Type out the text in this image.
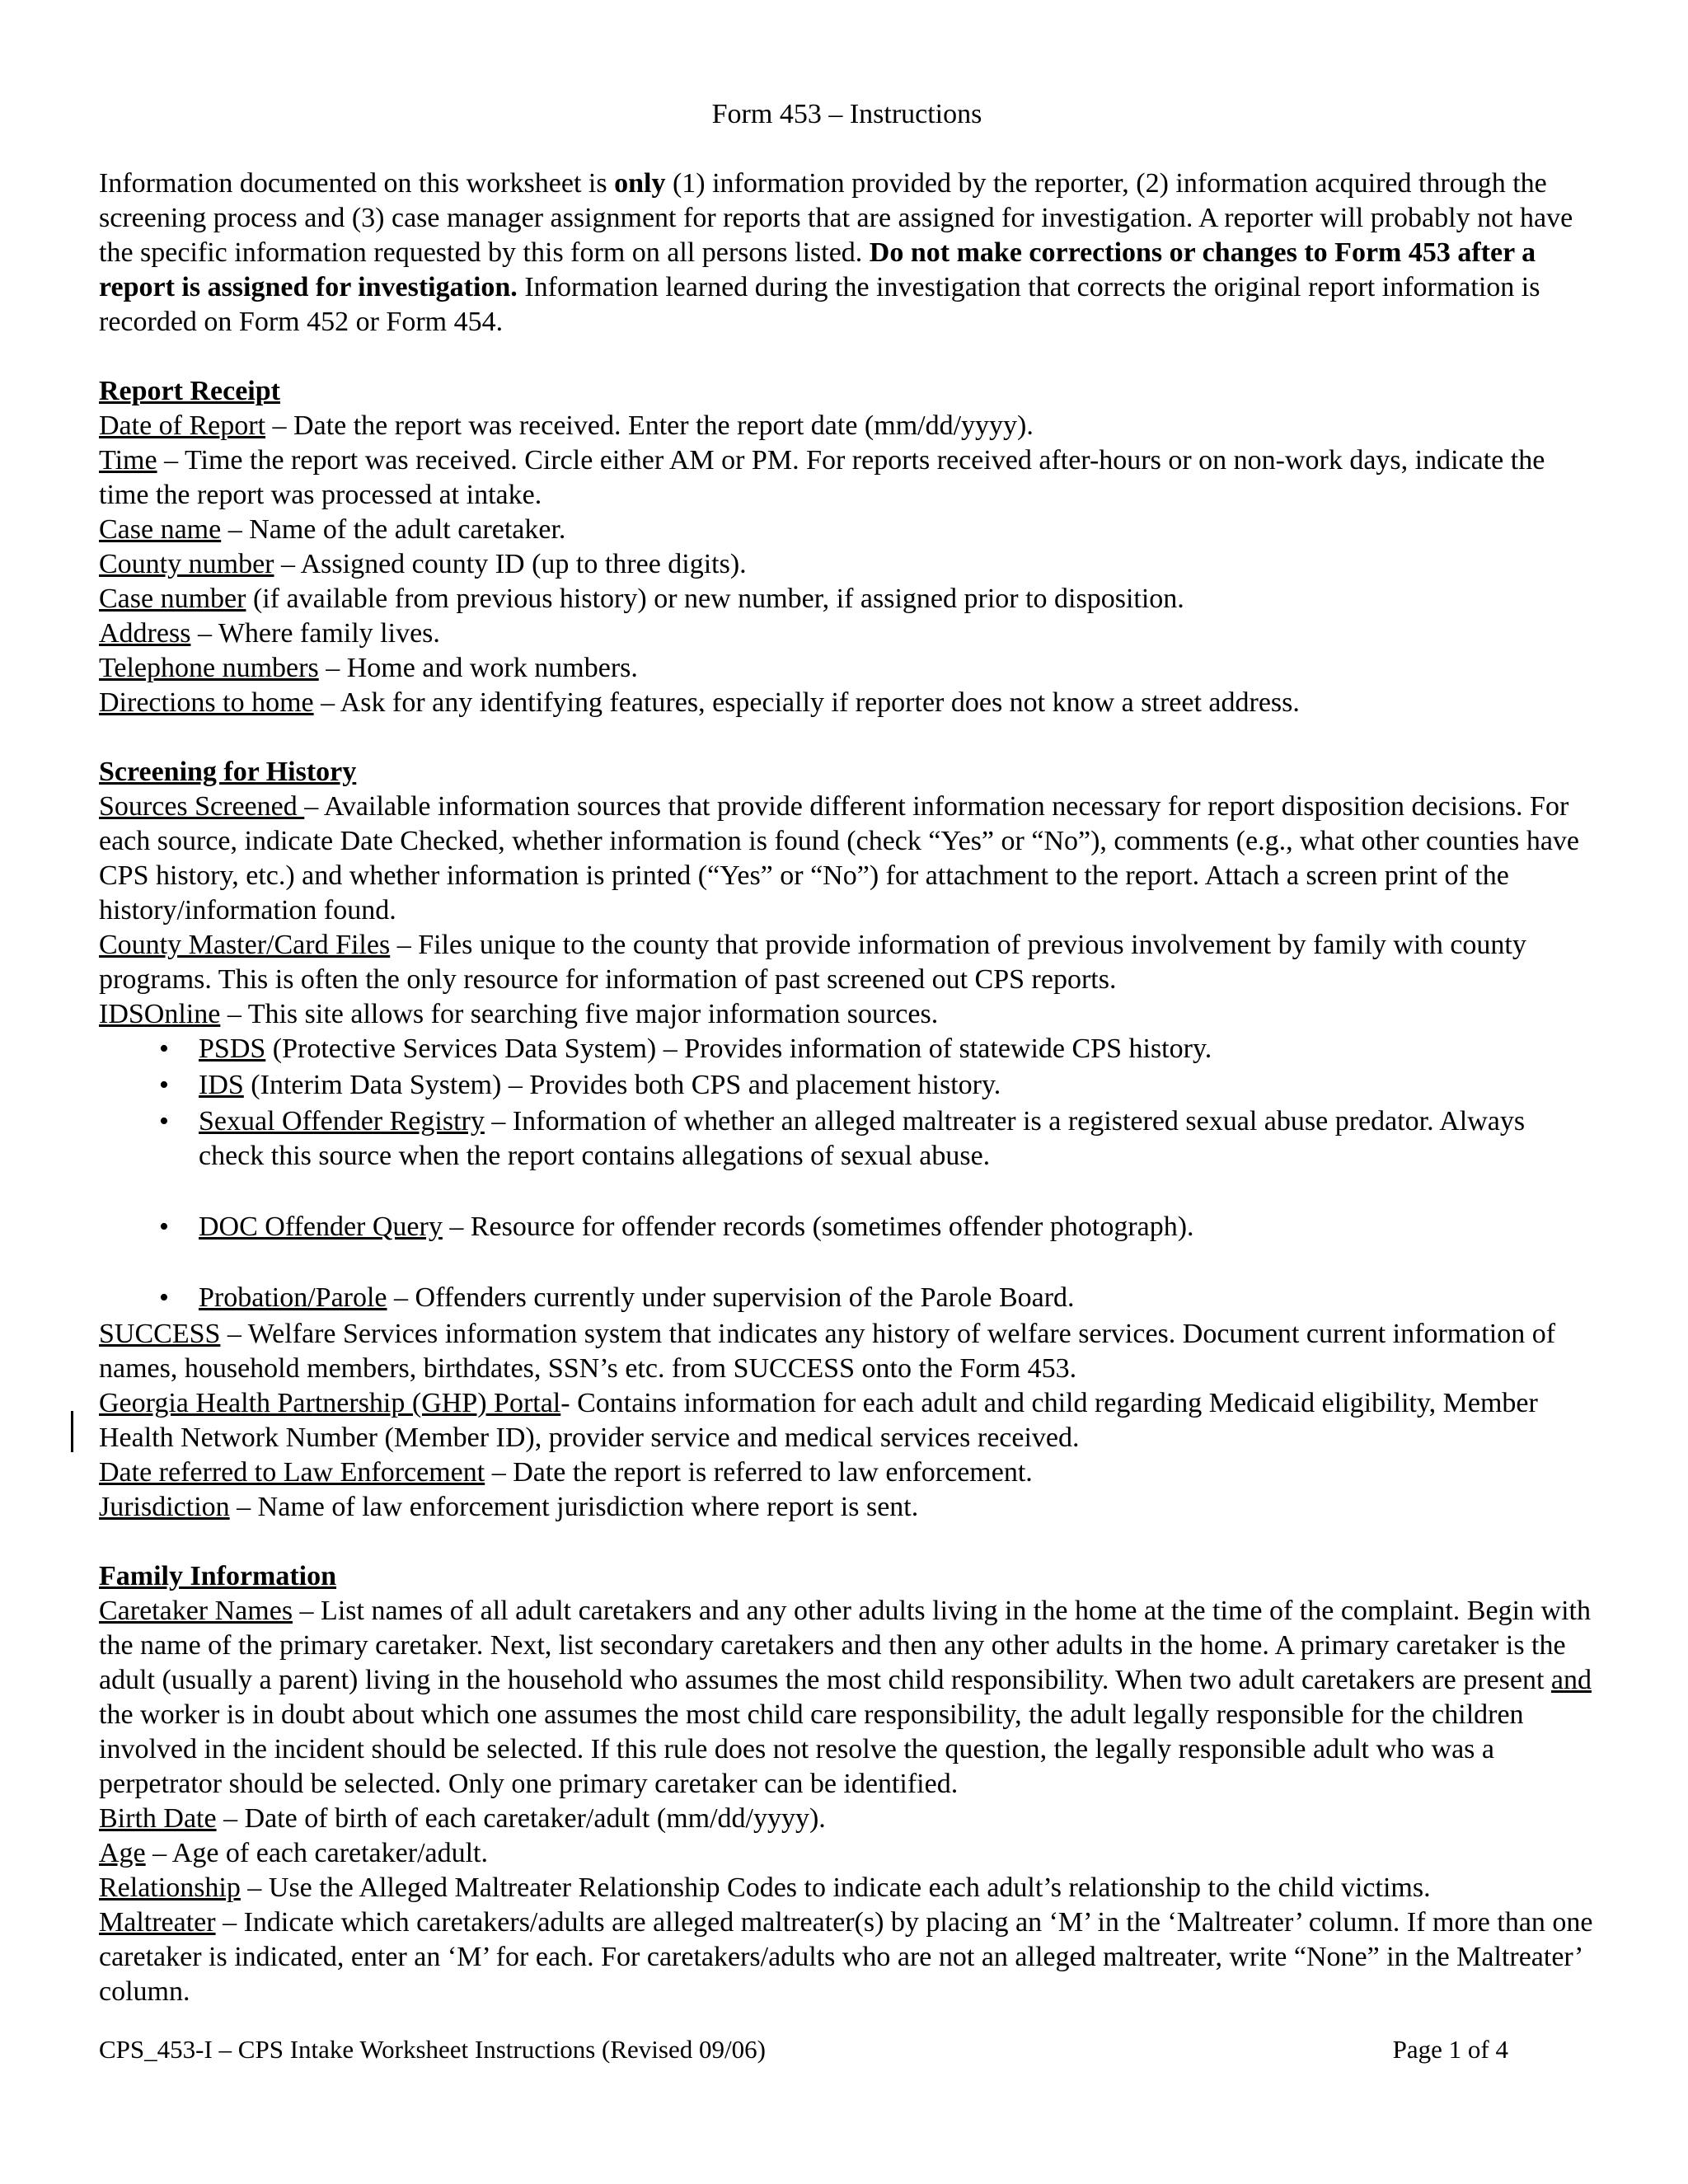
Form 453 – Instructions

Information documented on this worksheet is only (1) information provided by the reporter, (2) information acquired through the screening process and (3) case manager assignment for reports that are assigned for investigation. A reporter will probably not have the specific information requested by this form on all persons listed. Do not make corrections or changes to Form 453 after a report is assigned for investigation. Information learned during the investigation that corrects the original report information is recorded on Form 452 or Form 454.

Report Receipt

Date of Report – Date the report was received. Enter the report date (mm/dd/yyyy).

Time – Time the report was received. Circle either AM or PM. For reports received after-hours or on non-work days, indicate the time the report was processed at intake.

Case name – Name of the adult caretaker.

County number – Assigned county ID (up to three digits).

Case number (if available from previous history) or new number, if assigned prior to disposition.

Address – Where family lives.

Telephone numbers – Home and work numbers.

Directions to home – Ask for any identifying features, especially if reporter does not know a street address.

Screening for History

Sources Screened – Available information sources that provide different information necessary for report disposition decisions. For each source, indicate Date Checked, whether information is found (check “Yes” or “No”), comments (e.g., what other counties have CPS history, etc.) and whether information is printed (“Yes” or “No”) for attachment to the report. Attach a screen print of the history/information found.

County Master/Card Files – Files unique to the county that provide information of previous involvement by family with county programs. This is often the only resource for information of past screened out CPS reports.

IDSOnline – This site allows for searching five major information sources.

• PSDS (Protective Services Data System) – Provides information of statewide CPS history.
• IDS (Interim Data System) – Provides both CPS and placement history.
• Sexual Offender Registry – Information of whether an alleged maltreater is a registered sexual abuse predator. Always check this source when the report contains allegations of sexual abuse.
• DOC Offender Query – Resource for offender records (sometimes offender photograph).
• Probation/Parole – Offenders currently under supervision of the Parole Board.

SUCCESS – Welfare Services information system that indicates any history of welfare services. Document current information of names, household members, birthdates, SSN’s etc. from SUCCESS onto the Form 453.

Georgia Health Partnership (GHP) Portal- Contains information for each adult and child regarding Medicaid eligibility, Member Health Network Number (Member ID), provider service and medical services received.

Date referred to Law Enforcement – Date the report is referred to law enforcement.

Jurisdiction – Name of law enforcement jurisdiction where report is sent.

Family Information

Caretaker Names – List names of all adult caretakers and any other adults living in the home at the time of the complaint. Begin with the name of the primary caretaker. Next, list secondary caretakers and then any other adults in the home. A primary caretaker is the adult (usually a parent) living in the household who assumes the most child responsibility. When two adult caretakers are present and the worker is in doubt about which one assumes the most child care responsibility, the adult legally responsible for the children involved in the incident should be selected. If this rule does not resolve the question, the legally responsible adult who was a perpetrator should be selected. Only one primary caretaker can be identified.

Birth Date – Date of birth of each caretaker/adult (mm/dd/yyyy).

Age – Age of each caretaker/adult.

Relationship – Use the Alleged Maltreater Relationship Codes to indicate each adult’s relationship to the child victims.

Maltreater – Indicate which caretakers/adults are alleged maltreater(s) by placing an ‘M’ in the ‘Maltreater’ column. If more than one caretaker is indicated, enter an ‘M’ for each. For caretakers/adults who are not an alleged maltreater, write “None” in the Maltreater’ column.

CPS_453-I – CPS Intake Worksheet Instructions (Revised 09/06)	Page 1 of 4
